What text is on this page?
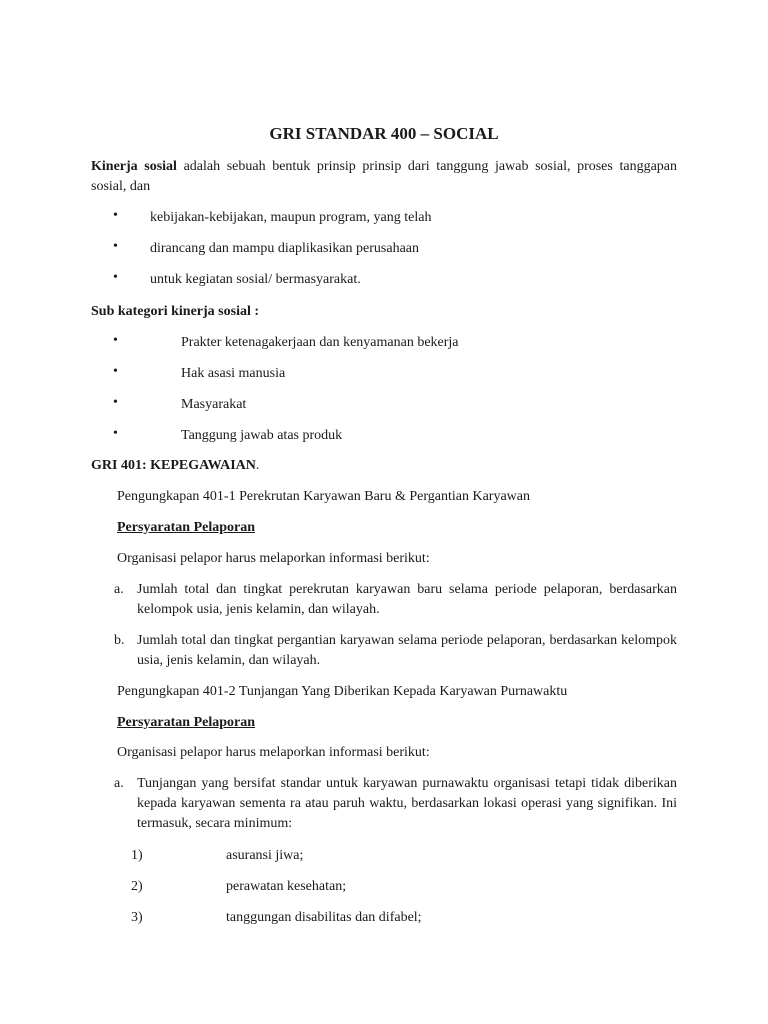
GRI STANDAR 400 – SOCIAL
Kinerja sosial adalah sebuah bentuk prinsip prinsip dari tanggung jawab sosial, proses tanggapan sosial, dan
• kebijakan-kebijakan, maupun program, yang telah
• dirancang dan mampu diaplikasikan perusahaan
• untuk kegiatan sosial/ bermasyarakat.
Sub kategori kinerja sosial :
•	Prakter ketenagakerjaan dan kenyamanan bekerja
•	Hak asasi manusia
•	Masyarakat
•	Tanggung jawab atas produk
GRI 401: KEPEGAWAIAN.
Pengungkapan 401-1 Perekrutan Karyawan Baru & Pergantian Karyawan
Persyaratan Pelaporan
Organisasi pelapor harus melaporkan informasi berikut:
a. Jumlah total dan tingkat perekrutan karyawan baru selama periode pelaporan, berdasarkan kelompok usia, jenis kelamin, dan wilayah.
b. Jumlah total dan tingkat pergantian karyawan selama periode pelaporan, berdasarkan kelompok usia, jenis kelamin, dan wilayah.
Pengungkapan 401-2 Tunjangan Yang Diberikan Kepada Karyawan Purnawaktu
Persyaratan Pelaporan
Organisasi pelapor harus melaporkan informasi berikut:
a. Tunjangan yang bersifat standar untuk karyawan purnawaktu organisasi tetapi tidak diberikan kepada karyawan sementa ra atau paruh waktu, berdasarkan lokasi operasi yang signifikan. Ini termasuk, secara minimum:
1)	asuransi jiwa;
2)	perawatan kesehatan;
3)	tanggungan disabilitas dan difabel;
